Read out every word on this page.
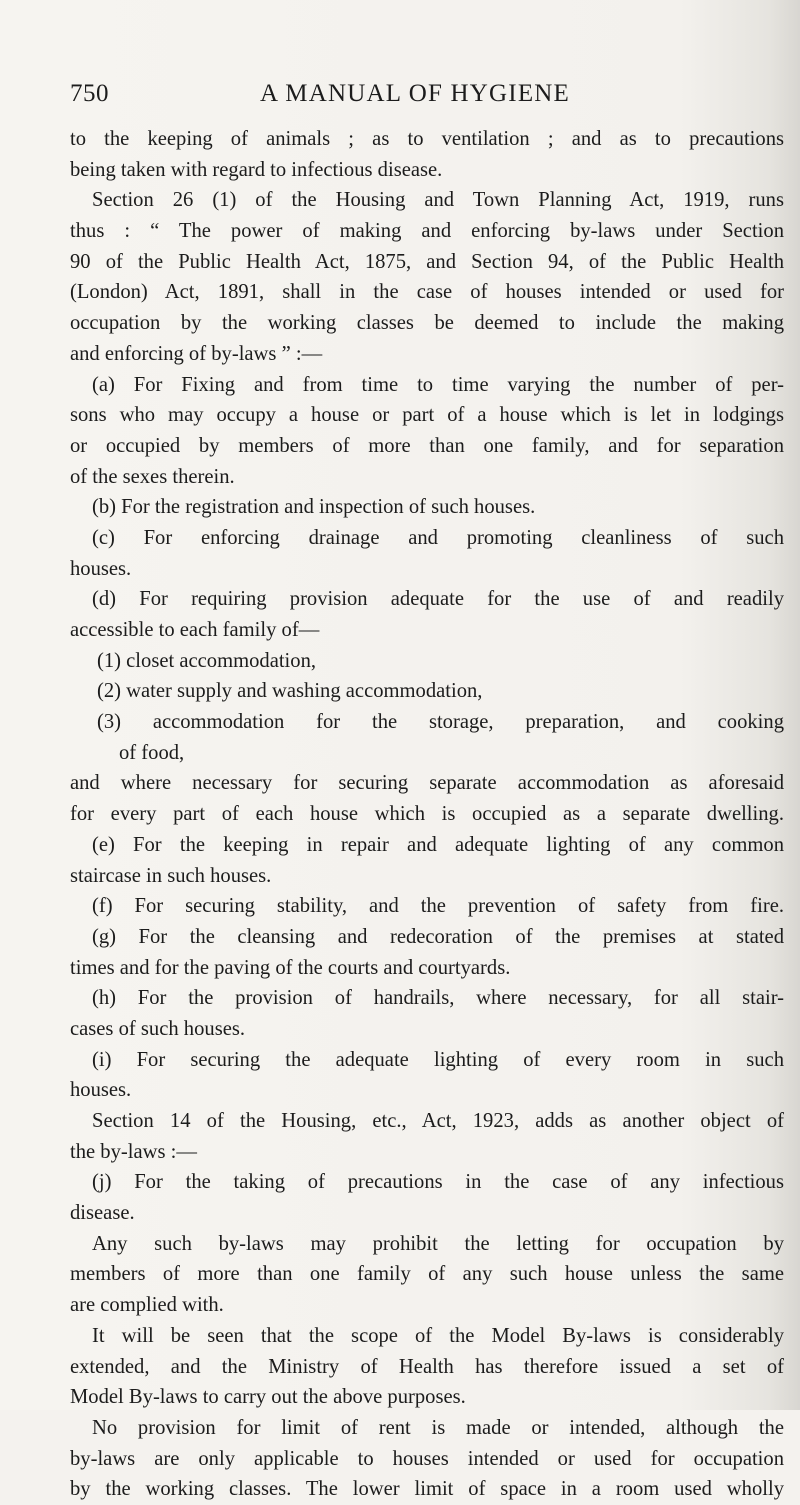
750	A MANUAL OF HYGIENE
to the keeping of animals ; as to ventilation ; and as to precautions
being taken with regard to infectious disease.
Section 26 (1) of the Housing and Town Planning Act, 1919, runs
thus : “ The power of making and enforcing by-laws under Section
90 of the Public Health Act, 1875, and Section 94, of the Public Health
(London) Act, 1891, shall in the case of houses intended or used for
occupation by the working classes be deemed to include the making
and enforcing of by-laws ” :—
(a) For Fixing and from time to time varying the number of per-
sons who may occupy a house or part of a house which is let in lodgings
or occupied by members of more than one family, and for separation
of the sexes therein.
(b) For the registration and inspection of such houses.
(c) For enforcing drainage and promoting cleanliness of such
houses.
(d) For requiring provision adequate for the use of and readily
accessible to each family of—
(1) closet accommodation,
(2) water supply and washing accommodation,
(3) accommodation for the storage, preparation, and cooking
of food,
and where necessary for securing separate accommodation as aforesaid
for every part of each house which is occupied as a separate dwelling.
(e) For the keeping in repair and adequate lighting of any common
staircase in such houses.
(f) For securing stability, and the prevention of safety from fire.
(g) For the cleansing and redecoration of the premises at stated
times and for the paving of the courts and courtyards.
(h) For the provision of handrails, where necessary, for all stair-
cases of such houses.
(i) For securing the adequate lighting of every room in such
houses.
Section 14 of the Housing, etc., Act, 1923, adds as another object of
the by-laws :—
(j) For the taking of precautions in the case of any infectious
disease.
Any such by-laws may prohibit the letting for occupation by
members of more than one family of any such house unless the same
are complied with.
It will be seen that the scope of the Model By-laws is considerably
extended, and the Ministry of Health has therefore issued a set of
Model By-laws to carry out the above purposes.
No provision for limit of rent is made or intended, although the
by-laws are only applicable to houses intended or used for occupation
by the working classes. The lower limit of space in a room used wholly
